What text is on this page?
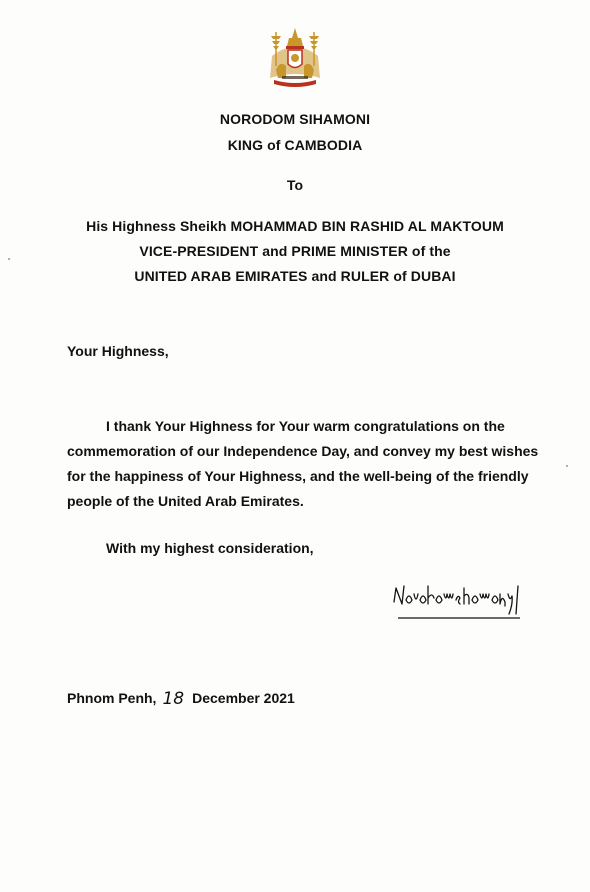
NORODOM SIHAMONI
KING of CAMBODIA
To
His Highness Sheikh MOHAMMAD BIN RASHID AL MAKTOUM
VICE-PRESIDENT and PRIME MINISTER of the
UNITED ARAB EMIRATES and RULER of DUBAI
Your Highness,
I thank Your Highness for Your warm congratulations on the
commemoration of our Independence Day, and convey my best wishes
for the happiness of Your Highness, and the well-being of the friendly
people of the United Arab Emirates.
With my highest consideration,
Phnom Penh, 18 December 2021
